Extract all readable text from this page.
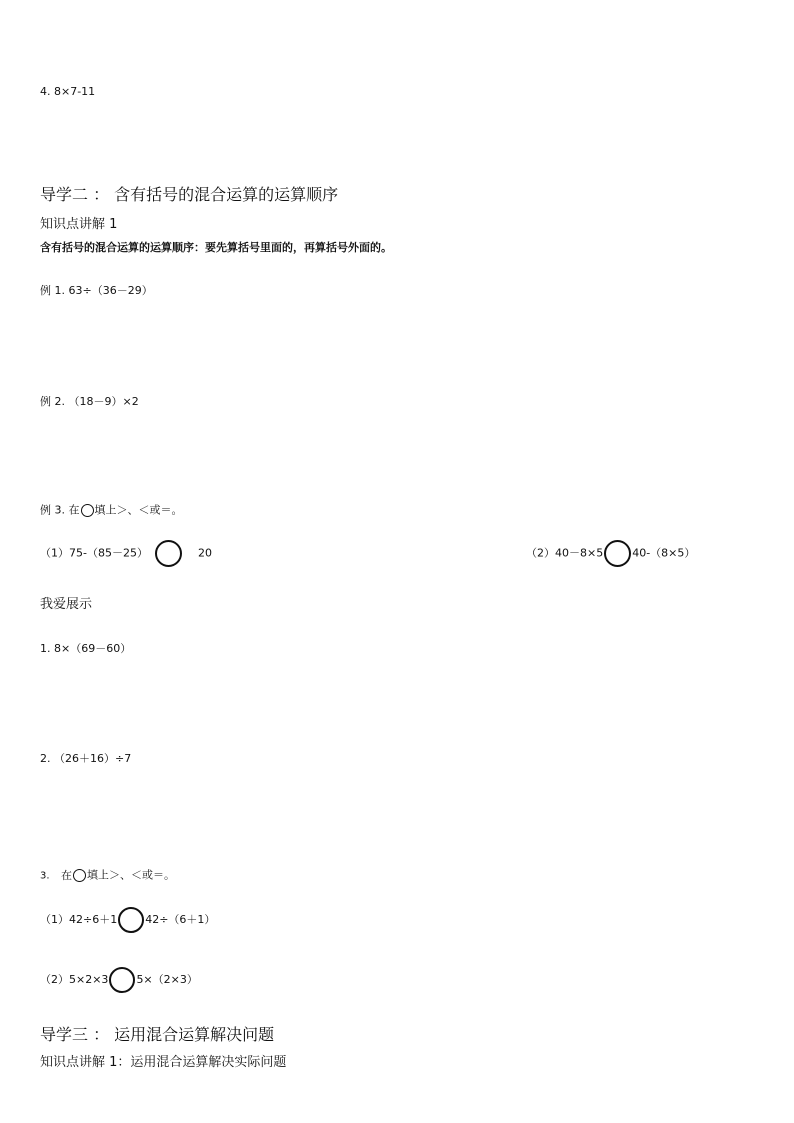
4. 8×7-11
导学二 ： 含有括号的混合运算的运算顺序
知识点讲解 1
含有括号的混合运算的运算顺序：要先算括号里面的，再算括号外面的。
例 1. 63÷（36－29）
例 2. （18－9）×2
例 3. 在 填上＞、＜或＝。
（1）75-（85－25）	20	（2）40－8×5	40-（8×5）
我爱展示
1. 8×（69－60）
2. （26＋16）÷7
3. 在 填上＞、＜或＝。
（1）42÷6＋1	42÷（6＋1）
（2）5×2×3	5×（2×3）
导学三 ： 运用混合运算解决问题
知识点讲解 1：运用混合运算解决实际问题
